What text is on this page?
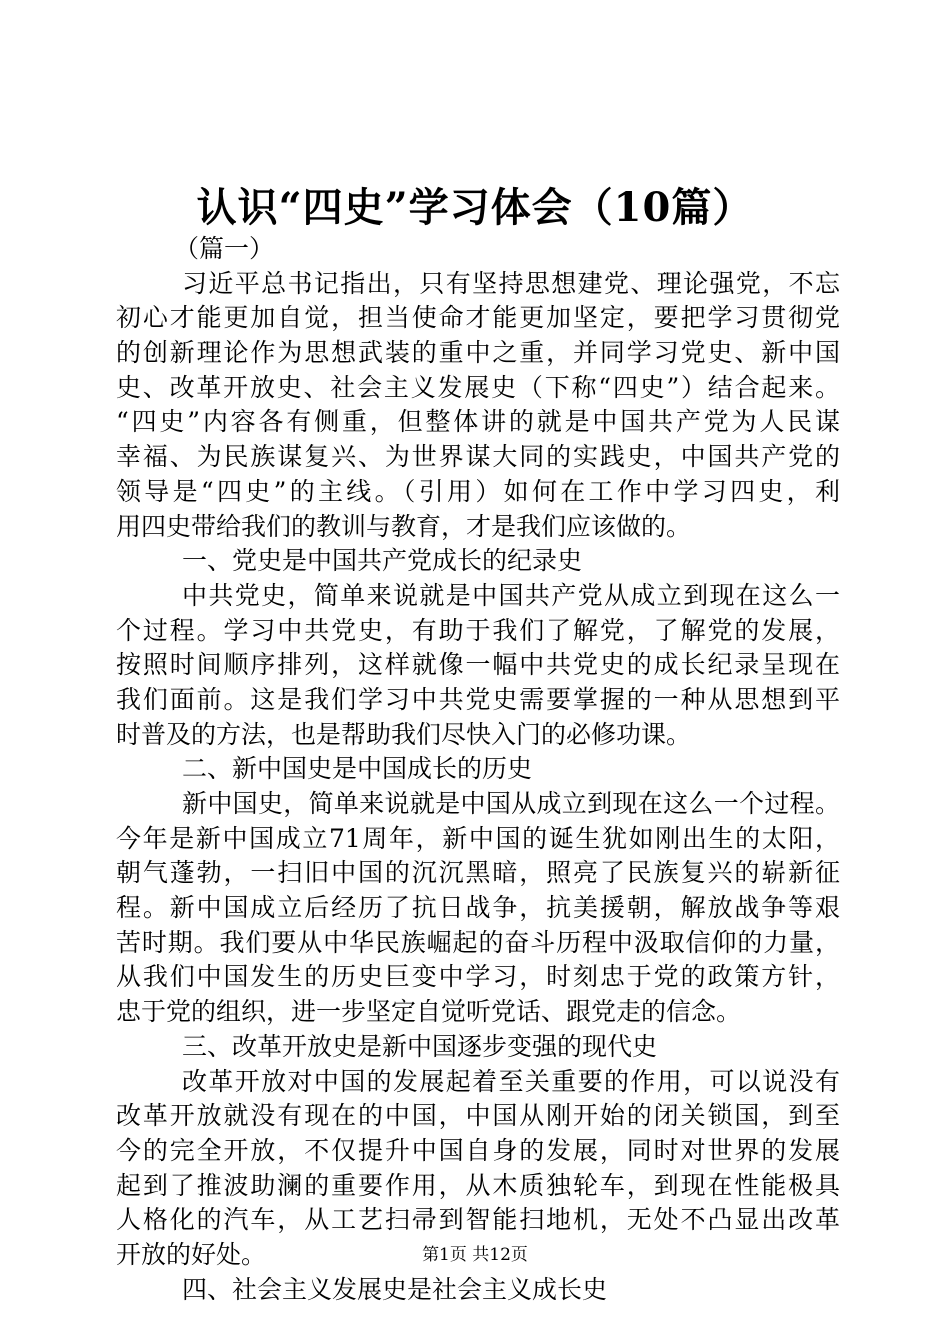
认识“四史”学习体会（10篇）
（篇一）
习近平总书记指出，只有坚持思想建党、理论强党，不忘
初心才能更加自觉，担当使命才能更加坚定，要把学习贯彻党
的创新理论作为思想武装的重中之重，并同学习党史、新中国
史、改革开放史、社会主义发展史（下称“四史”）结合起来。
“四史”内容各有侧重，但整体讲的就是中国共产党为人民谋
幸福、为民族谋复兴、为世界谋大同的实践史，中国共产党的
领导是“四史”的主线。（引用）如何在工作中学习四史，利
用四史带给我们的教训与教育，才是我们应该做的。
一、党史是中国共产党成长的纪录史
中共党史，简单来说就是中国共产党从成立到现在这么一
个过程。学习中共党史，有助于我们了解党，了解党的发展，
按照时间顺序排列，这样就像一幅中共党史的成长纪录呈现在
我们面前。这是我们学习中共党史需要掌握的一种从思想到平
时普及的方法，也是帮助我们尽快入门的必修功课。
二、新中国史是中国成长的历史
新中国史，简单来说就是中国从成立到现在这么一个过程。
今年是新中国成立71周年，新中国的诞生犹如刚出生的太阳，
朝气蓬勃，一扫旧中国的沉沉黑暗，照亮了民族复兴的崭新征
程。新中国成立后经历了抗日战争，抗美援朝，解放战争等艰
苦时期。我们要从中华民族崛起的奋斗历程中汲取信仰的力量，
从我们中国发生的历史巨变中学习，时刻忠于党的政策方针，
忠于党的组织，进一步坚定自觉听党话、跟党走的信念。
三、改革开放史是新中国逐步变强的现代史
改革开放对中国的发展起着至关重要的作用，可以说没有
改革开放就没有现在的中国，中国从刚开始的闭关锁国，到至
今的完全开放，不仅提升中国自身的发展，同时对世界的发展
起到了推波助澜的重要作用，从木质独轮车，到现在性能极具
人格化的汽车，从工艺扫帚到智能扫地机，无处不凸显出改革
开放的好处。
四、社会主义发展史是社会主义成长史
第1页 共12页
